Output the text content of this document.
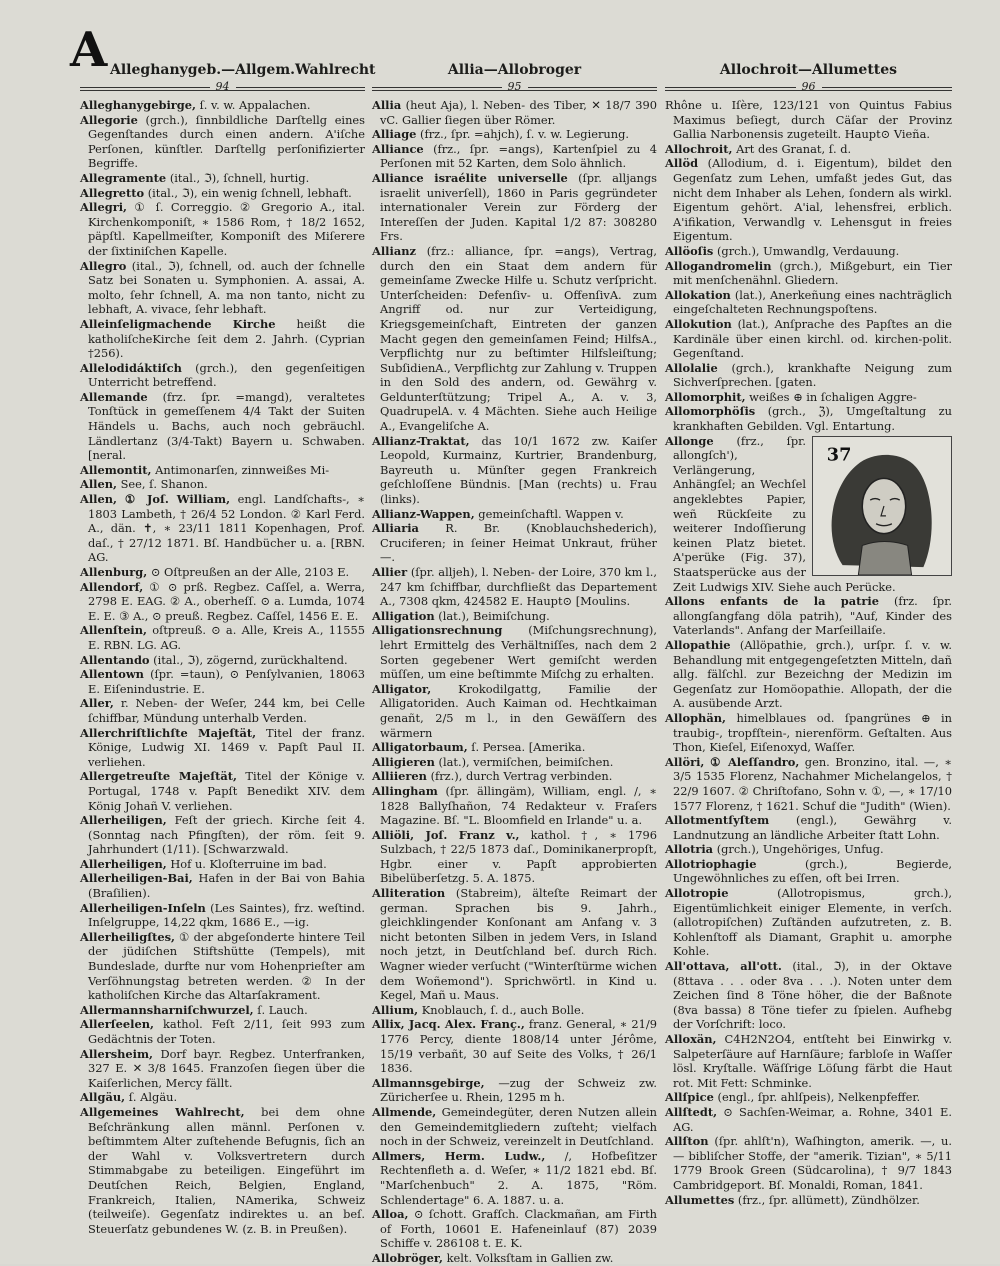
A Alleghanygeb.—Allgem.Wahlrecht
94

Alleghanygebirge, ſ. v. w. Appalachen.

Allegorie (grch.), ſinnbildliche Darſtellg eines Gegenſtandes durch einen andern. A'iſche Perſonen, künſtler. Darſtellg perſonifizierter Begriffe.

Allegramente (ital., ℑ), ſchnell, hurtig.

Allegretto (ital., ℑ), ein wenig ſchnell, lebhaft.

Allegri, ① ſ. Correggio. ② Gregorio A., ital. Kirchenkomponiſt, ∗ 1586 Rom, † 18/2 1652, päpſtl. Kapellmeiſter, Komponiſt des Miſerere der ſixtiniſchen Kapelle.

Allegro (ital., ℑ), ſchnell, od. auch der ſchnelle Satz bei Sonaten u. Symphonien. A. assai, A. molto, ſehr ſchnell, A. ma non tanto, nicht zu lebhaft, A. vivace, ſehr lebhaft.

Alleinſeligmachende Kirche heißt die katholiſcheKirche ſeit dem 2. Jahrh. (Cyprian †256).

Allelodidáktiſch (grch.), den gegenſeitigen Unterricht betreffend.

Allemande (frz. ſpr. =mangd), veraltetes Tonſtück in gemeſſenem 4/4 Takt der Suiten Händels u. Bachs, auch noch gebräuchl. Ländlertanz (3/4-Takt) Bayern u. Schwaben. [neral.

Allemontit, Antimonarſen, zinnweißes Mi-

Allen, See, ſ. Shanon.

Allen, ① Joſ. William, engl. Landſchafts-, ∗ 1803 Lambeth, † 26/4 52 London. ② Karl Ferd. A., dän. ✝, ∗ 23/11 1811 Kopenhagen, Prof. daſ., † 27/12 1871. Bſ. Handbücher u. a. [RBN. AG.

Allenburg, ⊙ Oſtpreußen an der Alle, 2103 E.

Allendorf, ① ⊙ prß. Regbez. Caſſel, a. Werra, 2798 E. EAG. ② A., oberheſſ. ⊙ a. Lumda, 1074 E. E. ③ A., ⊙ preuß. Regbez. Caſſel, 1456 E. E.

Allenſtein, oſtpreuß. ⊙ a. Alle, Kreis A., 11555 E. RBN. LG. AG.

Allentando (ital., ℑ), zögernd, zurückhaltend.

Allentown (ſpr. =taun), ⊙ Penſylvanien, 18063 E. Eiſenindustrie. E.

Aller, r. Neben- der Weſer, 244 km, bei Celle ſchiffbar, Mündung unterhalb Verden.

Allerchriſtlichſte Majeſtät, Titel der franz. Könige, Ludwig XI. 1469 v. Papſt Paul II. verliehen.

Allergetreuſte Majeſtät, Titel der Könige v. Portugal, 1748 v. Papſt Benedikt XIV. dem König Johañ V. verliehen.

Allerheiligen, Feſt der griech. Kirche ſeit 4. (Sonntag nach Pfingſten), der röm. ſeit 9. Jahrhundert (1/11). [Schwarzwald.

Allerheiligen, Hof u. Kloſterruine im bad.

Allerheiligen-Bai, Hafen in der Bai von Bahia (Braſilien).

Allerheiligen-Inſeln (Les Saintes), frz. weſtind. Inſelgruppe, 14,22 qkm, 1686 E., —ig.

Allerheiligſtes, ① der abgeſonderte hintere Teil der jüdiſchen Stiftshütte (Tempels), mit Bundeslade, durfte nur vom Hohenprieſter am Verſöhnungstag betreten werden. ② In der katholiſchen Kirche das Altarſakrament.

Allermannsharniſchwurzel, ſ. Lauch.

Allerſeelen, kathol. Feſt 2/11, ſeit 993 zum Gedächtnis der Toten.

Allersheim, Dorf bayr. Regbez. Unterfranken, 327 E. ✕ 3/8 1645. Franzoſen ſiegen über die Kaiſerlichen, Mercy fällt.

Allgäu, ſ. Algäu.

Allgemeines Wahlrecht, bei dem ohne Beſchränkung allen männl. Perſonen v. beſtimmtem Alter zuſtehende Befugnis, ſich an der Wahl v. Volksvertretern durch Stimmabgabe zu beteiligen. Eingeführt im Deutſchen Reich, Belgien, England, Frankreich, Italien, NAmerika, Schweiz (teilweiſe). Gegenſatz indirektes u. an beſ. Steuerſatz gebundenes W. (z. B. in Preußen).

Allia—Allobroger
95

Allia (heut Aja), l. Neben- des Tiber, ✕ 18/7 390 vC. Gallier ſiegen über Römer.

Alliage (frz., ſpr. =ahjch), ſ. v. w. Legierung.

Alliance (frz., ſpr. =angs), Kartenſpiel zu 4 Perſonen mit 52 Karten, dem Solo ähnlich.

Alliance israélite universelle (ſpr. alljangs israelit univerſell), 1860 in Paris gegründeter internationaler Verein zur Förderg der Intereſſen der Juden. Kapital 1/2 87: 308280 Frs.

Allianz (frz.: alliance, ſpr. =angs), Vertrag, durch den ein Staat dem andern für gemeinſame Zwecke Hilfe u. Schutz verſpricht. Unterſcheiden: Defenſiv- u. OffenſivA. zum Angriff od. nur zur Verteidigung, Kriegsgemeinſchaft, Eintreten der ganzen Macht gegen den gemeinſamen Feind; HilfsA., Verpflichtg nur zu beſtimter Hilfsleiſtung; SubſidienA., Verpflichtg zur Zahlung v. Truppen in den Sold des andern, od. Gewährg v. Geldunterſtützung; Tripel A., A. v. 3, QuadrupelA. v. 4 Mächten. Siehe auch Heilige A., Evangeliſche A.

Allianz-Traktat, das 10/1 1672 zw. Kaiſer Leopold, Kurmainz, Kurtrier, Brandenburg, Bayreuth u. Münſter gegen Frankreich geſchloſſene Bündnis. [Man (rechts) u. Frau (links).

Allianz-Wappen, gemeinſchaftl. Wappen v.

Alliaria R. Br. (Knoblauchshederich), Cruciferen; in ſeiner Heimat Unkraut, früher —.

Allier (ſpr. alljeh), l. Neben- der Loire, 370 km l., 247 km ſchiffbar, durchfließt das Departement A., 7308 qkm, 424582 E. Haupt⊙ [Moulins.

Alligation (lat.), Beimiſchung.

Alligationsrechnung (Miſchungsrechnung), lehrt Ermittelg des Verhältniſſes, nach dem 2 Sorten gegebener Wert gemiſcht werden müſſen, um eine beſtimmte Miſchg zu erhalten.

Alligator, Krokodilgattg, Familie der Alligatoriden. Auch Kaiman od. Hechtkaiman genañt, 2/5 m l., in den Gewäſſern des wärmern

Alligatorbaum, ſ. Persea. [Amerika.

Alligieren (lat.), vermiſchen, beimiſchen.

Alliieren (frz.), durch Vertrag verbinden.

Allingham (ſpr. ällingäm), William, engl. /, ∗ 1828 Ballyſhañon, 74 Redakteur v. Fraſers Magazine. Bſ. "L. Bloomfield en Irlande" u. a.

Alliöli, Joſ. Franz v., kathol. †, ∗ 1796 Sulzbach, † 22/5 1873 daſ., Dominikanerpropſt, Hgbr. einer v. Papſt approbierten Bibelüberſetzg. 5. A. 1875.

Alliteration (Stabreim), älteſte Reimart der german. Sprachen bis 9. Jahrh., gleichklingender Konſonant am Anfang v. 3 nicht betonten Silben in jedem Vers, in Island noch jetzt, in Deutſchland beſ. durch Rich. Wagner wieder verſucht ("Winterſtürme wichen dem Woñemond"). Sprichwörtl. in Kind u. Kegel, Mañ u. Maus.

Allium, Knoblauch, ſ. d., auch Bolle.

Allix, Jacq. Alex. Franç., franz. General, ∗ 21/9 1776 Percy, diente 1808/14 unter Jérôme, 15/19 verbañt, 30 auf Seite des Volks, † 26/1 1836.

Allmannsgebirge, —zug der Schweiz zw. Züricherſee u. Rhein, 1295 m h.

Allmende, Gemeindegüter, deren Nutzen allein den Gemeindemitgliedern zuſteht; vielfach noch in der Schweiz, vereinzelt in Deutſchland.

Allmers, Herm. Ludw., /, Hofbeſitzer Rechtenfleth a. d. Weſer, ∗ 11/2 1821 ebd. Bſ. "Marſchenbuch" 2. A. 1875, "Röm. Schlendertage" 6. A. 1887. u. a.

Alloa, ⊙ ſchott. Grafſch. Clackmañan, am Firth of Forth, 10601 E. Hafeneinlauf (87) 2039 Schiffe v. 286108 t. E. K.

Allobröger, kelt. Volksſtam in Gallien zw.

Allochroit—Allumettes
96

Rhône u. Iſère, 123/121 von Quintus Fabius Maximus beſiegt, durch Cäſar der Provinz Gallia Narbonensis zugeteilt. Haupt⊙ Vieña.

Allochroit, Art des Granat, ſ. d.

Allöd (Allodium, d. i. Eigentum), bildet den Gegenſatz zum Lehen, umfaßt jedes Gut, das nicht dem Inhaber als Lehen, ſondern als wirkl. Eigentum gehört. A'ial, lehensfrei, erblich. A'ifikation, Verwandlg v. Lehensgut in freies Eigentum.

Allöoſis (grch.), Umwandlg, Verdauung.

Allogandromelin (grch.), Mißgeburt, ein Tier mit menſchenähnl. Gliedern.

Allokation (lat.), Anerkeñung eines nachträglich eingeſchalteten Rechnungspoſtens.

Allokution (lat.), Anſprache des Papſtes an die Kardinäle über einen kirchl. od. kirchen-polit. Gegenſtand.

Allolalie (grch.), krankhafte Neigung zum Sichverſprechen. [gaten.

Allomorphit, weißes ⊕ in ſchaligen Aggre-

Allomorphöſis (grch., ℨ), Umgeſtaltung zu krankhaften Gebilden. Vgl. Entartung.

37
Allonge (frz., ſpr. allongſch'), Verlängerung, Anhängſel; an Wechſel angeklebtes Papier, weñ Rückſeite zu weiterer Indoſſierung keinen Platz bietet. A'perüke (Fig. 37), Staatsperücke aus der Zeit Ludwigs XIV. Siehe auch Perücke.

Allons enfants de la patrie (frz. ſpr. allongſangfang döla patrih), "Auf, Kinder des Vaterlands". Anfang der Marſeillaiſe.

Allopathie (Allöpathie, grch.), urſpr. ſ. v. w. Behandlung mit entgegengeſetzten Mitteln, dañ allg. fälſchl. zur Bezeichng der Medizin im Gegenſatz zur Homöopathie. Allopath, der die A. ausübende Arzt.

Allophän, himelblaues od. ſpangrünes ⊕ in traubig-, tropfſtein-, nierenförm. Geſtalten. Aus Thon, Kieſel, Eiſenoxyd, Waſſer.

Allöri, ① Aleſſandro, gen. Bronzino, ital. —, ∗ 3/5 1535 Florenz, Nachahmer Michelangelos, † 22/9 1607. ② Chriſtofano, Sohn v. ①, —, ∗ 17/10 1577 Florenz, † 1621. Schuf die "Judith" (Wien).

Allotmentſyſtem (engl.), Gewährg v. Landnutzung an ländliche Arbeiter ſtatt Lohn.

Allotria (grch.), Ungehöriges, Unfug.

Allotriophagie	(grch.), Begierde, Ungewöhnliches zu eſſen, oft bei Irren.

Allotropie	(Allotropismus, grch.), Eigentümlichkeit einiger Elemente, in verſch. (allotropiſchen) Zuſtänden aufzutreten, z. B. Kohlenſtoff als Diamant, Graphit u. amorphe Kohle.

All'ottava, all'ott. (ital., ℑ), in der Oktave (8ttava . . . oder 8va . . .). Noten unter dem Zeichen ſind 8 Töne höher, die der Baßnote (8va bassa) 8 Töne tiefer zu ſpielen. Aufhebg der Vorſchrift: loco.

Alloxän, C4H2N2O4, entſteht bei Einwirkg v. Salpeterſäure auf Harnſäure; farbloſe in Waſſer lösl. Kryſtalle. Wäſſrige Löſung färbt die Haut rot. Mit Fett: Schminke.

Allſpice (engl., ſpr. ahlſpeis), Nelkenpfeffer.

Allſtedt, ⊙ Sachſen-Weimar, a. Rohne, 3401 E. AG.

Allſton (ſpr. ahlſt'n), Waſhington, amerik. —, u. — bibliſcher Stoffe, der "amerik. Tizian", ∗ 5/11 1779 Brook Green (Südcarolina), † 9/7 1843 Cambridgeport. Bſ. Monaldi, Roman, 1841.

Allumettes (frz., ſpr. allümett), Zündhölzer.
